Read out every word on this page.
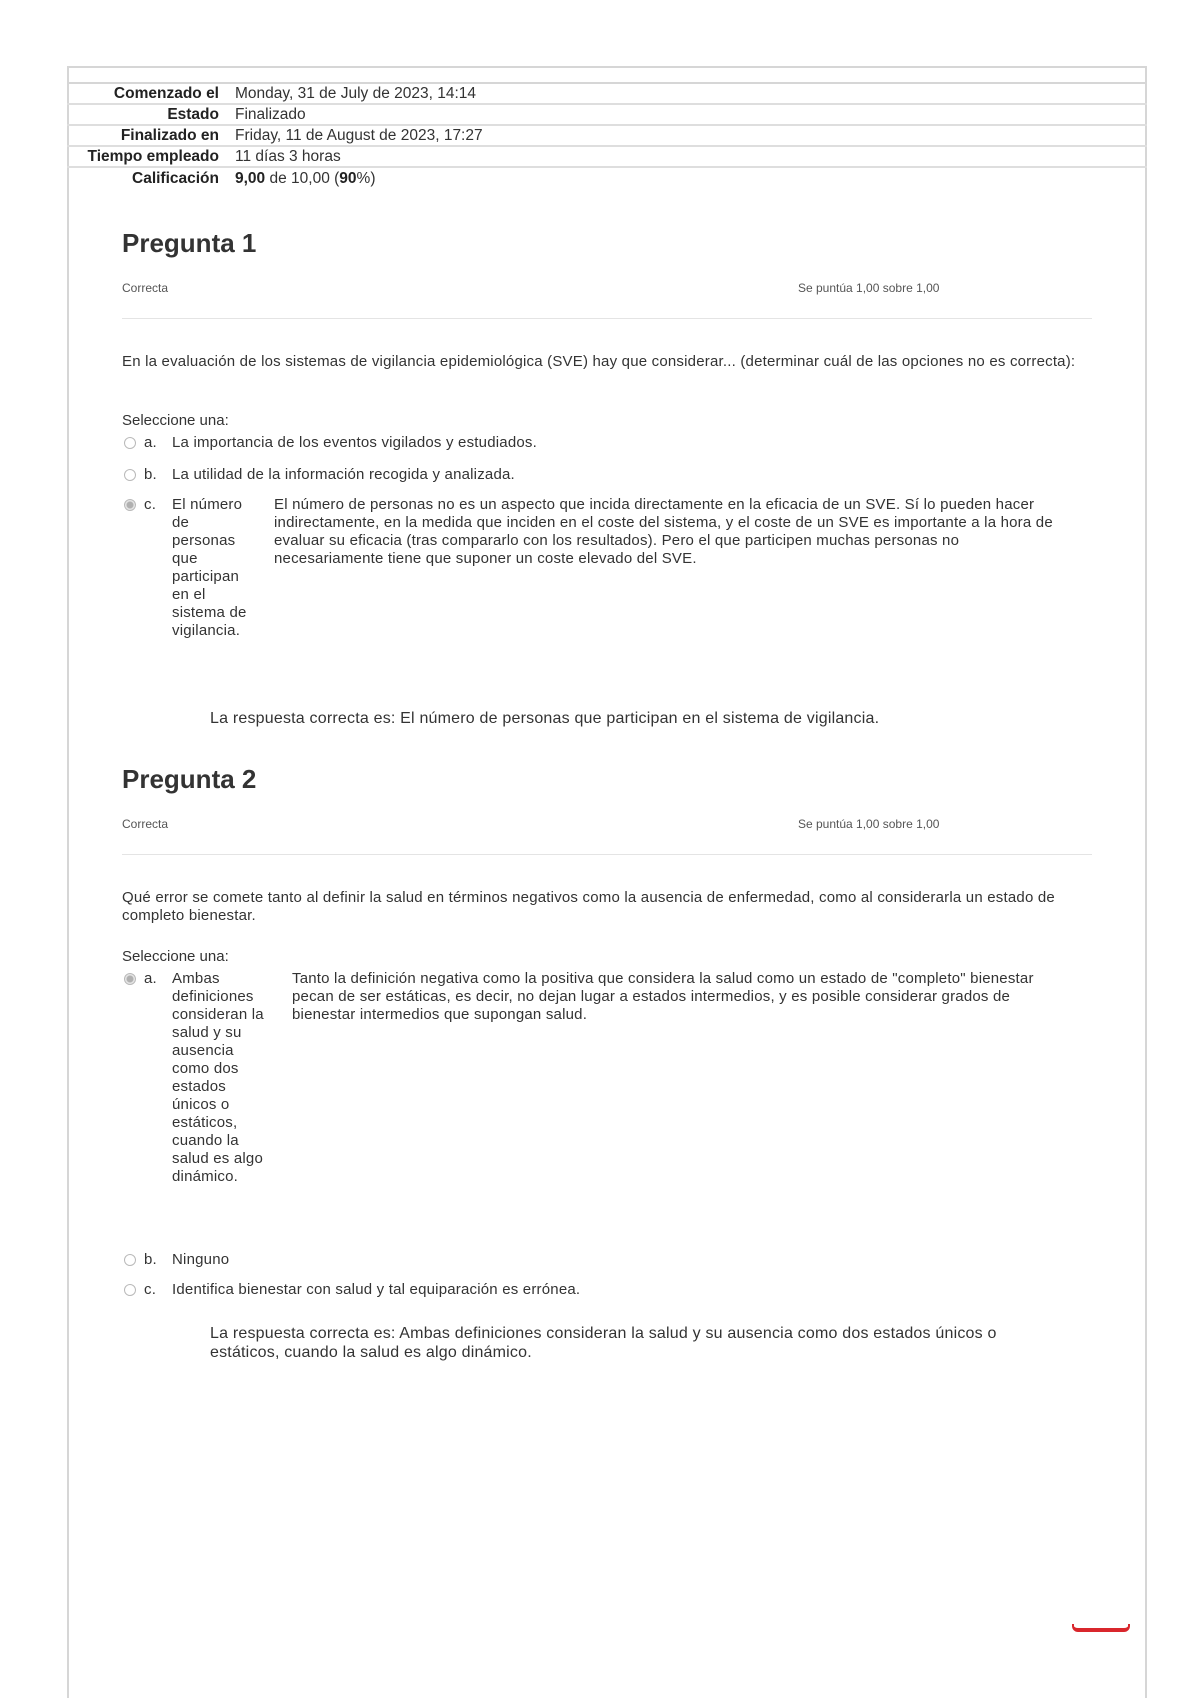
Comenzado el	Monday, 31 de July de 2023, 14:14
Estado	Finalizado
Finalizado en	Friday, 11 de August de 2023, 17:27
Tiempo empleado	11 días 3 horas
Calificación	9,00 de 10,00 (90%)
Pregunta 1
Correcta	Se puntúa 1,00 sobre 1,00
En la evaluación de los sistemas de vigilancia epidemiológica (SVE) hay que considerar... (determinar cuál de las opciones no es correcta):
Seleccione una:
a. La importancia de los eventos vigilados y estudiados.
b. La utilidad de la información recogida y analizada.
c. El número de personas que participan en el sistema de vigilancia.
El número de personas no es un aspecto que incida directamente en la eficacia de un SVE. Sí lo pueden hacer indirectamente, en la medida que inciden en el coste del sistema, y el coste de un SVE es importante a la hora de evaluar su eficacia (tras compararlo con los resultados). Pero el que participen muchas personas no necesariamente tiene que suponer un coste elevado del SVE.
La respuesta correcta es: El número de personas que participan en el sistema de vigilancia.
Pregunta 2
Correcta	Se puntúa 1,00 sobre 1,00
Qué error se comete tanto al definir la salud en términos negativos como la ausencia de enfermedad, como al considerarla un estado de completo bienestar.
Seleccione una:
a. Ambas definiciones consideran la salud y su ausencia como dos estados únicos o estáticos, cuando la salud es algo dinámico.
Tanto la definición negativa como la positiva que considera la salud como un estado de "completo" bienestar pecan de ser estáticas, es decir, no dejan lugar a estados intermedios, y es posible considerar grados de bienestar intermedios que supongan salud.
b. Ninguno
c. Identifica bienestar con salud y tal equiparación es errónea.
La respuesta correcta es: Ambas definiciones consideran la salud y su ausencia como dos estados únicos o estáticos, cuando la salud es algo dinámico.
